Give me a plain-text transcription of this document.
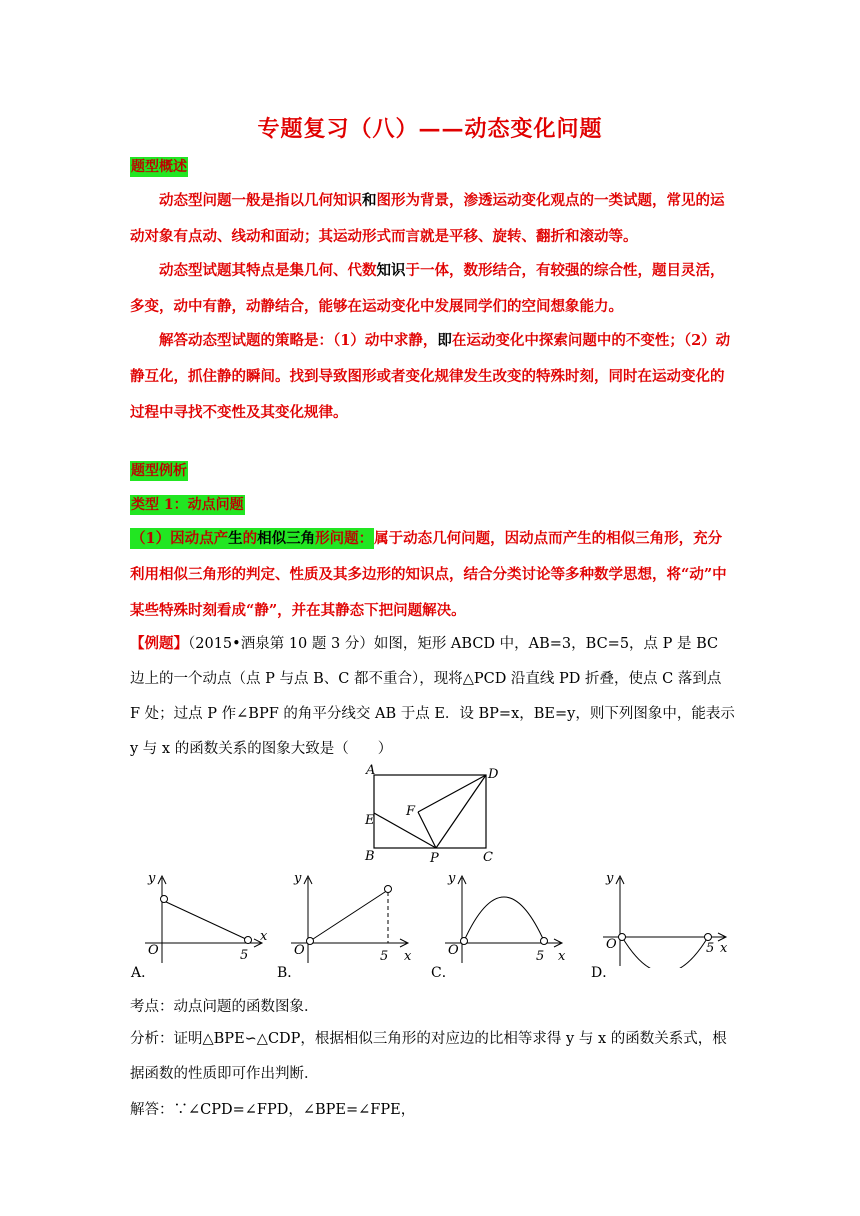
专题复习（八）——动态变化问题
题型概述
动态型问题一般是指以几何知识和图形为背景，渗透运动变化观点的一类试题，常见的运动对象有点动、线动和面动；其运动形式而言就是平移、旋转、翻折和滚动等。
动态型试题其特点是集几何、代数知识于一体，数形结合，有较强的综合性，题目灵活，多变，动中有静，动静结合，能够在运动变化中发展同学们的空间想象能力。
解答动态型试题的策略是：（1）动中求静，即在运动变化中探索问题中的不变性；（2）动静互化，抓住静的瞬间。找到导致图形或者变化规律发生改变的特殊时刻，同时在运动变化的过程中寻找不变性及其变化规律。
题型例析
类型 1：动点问题
（1）因动点产生的相似三角形问题：属于动态几何问题，因动点而产生的相似三角形，充分利用相似三角形的判定、性质及其多边形的知识点，结合分类讨论等多种数学思想，将“动”中某些特殊时刻看成“静”，并在其静态下把问题解决。
【例题】（2015•酒泉第 10 题 3 分）如图，矩形 ABCD 中，AB=3，BC=5，点 P 是 BC 边上的一个动点（点 P 与点 B、C 都不重合），现将△PCD 沿直线 PD 折叠，使点 C 落到点 F 处；过点 P 作∠BPF 的角平分线交 AB 于点 E．设 BP=x，BE=y，则下列图象中，能表示 y 与 x 的函数关系的图象大致是（　　）
A	D
E
F
B	P	C
y
x
O	5
A．
y
x
O	5
B．
y
x
O	5
C．
y
x
O	5
D．
考点：动点问题的函数图象．
分析：证明△BPE∽△CDP，根据相似三角形的对应边的比相等求得 y 与 x 的函数关系式，根据函数的性质即可作出判断．
解答：∵∠CPD=∠FPD，∠BPE=∠FPE，
